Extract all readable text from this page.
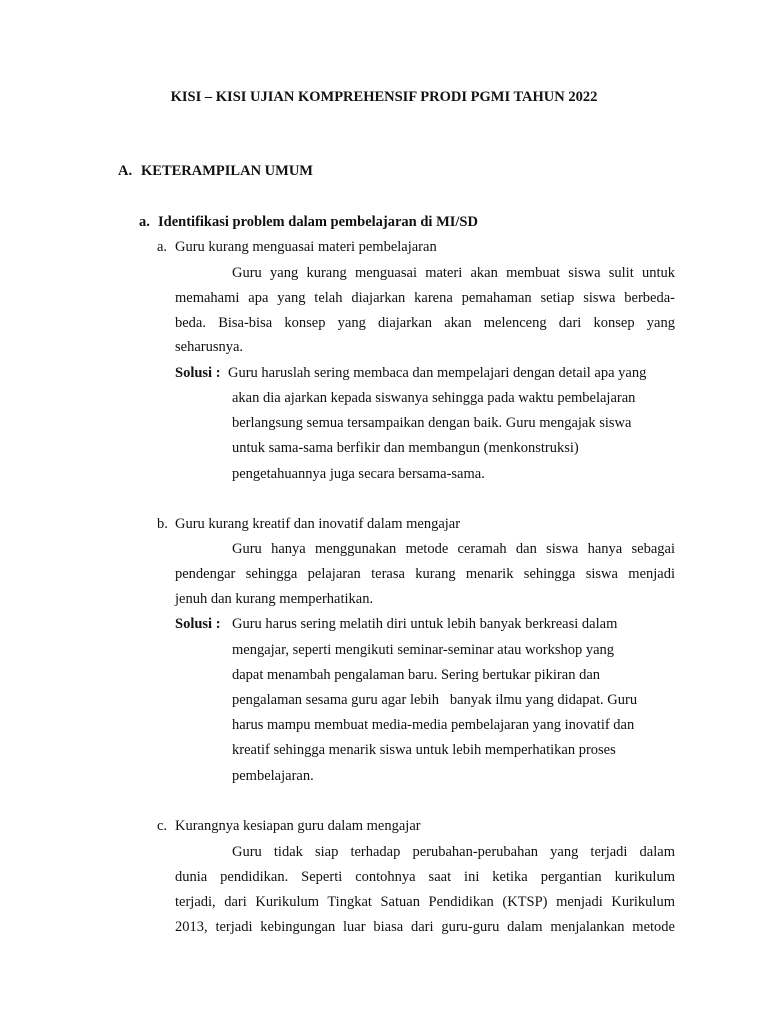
KISI – KISI UJIAN KOMPREHENSIF PRODI PGMI TAHUN 2022
A. KETERAMPILAN UMUM
a. Identifikasi problem dalam pembelajaran di MI/SD
a. Guru kurang menguasai materi pembelajaran
Guru yang kurang menguasai materi akan membuat siswa sulit untuk
memahami apa yang telah diajarkan karena pemahaman setiap siswa berbeda-
beda. Bisa-bisa konsep yang diajarkan akan melenceng dari konsep yang
seharusnya.
Solusi : Guru haruslah sering membaca dan mempelajari dengan detail apa yang
akan dia ajarkan kepada siswanya sehingga pada waktu pembelajaran
berlangsung semua tersampaikan dengan baik. Guru mengajak siswa
untuk sama-sama berfikir dan membangun (menkonstruksi)
pengetahuannya juga secara bersama-sama.
b. Guru kurang kreatif dan inovatif dalam mengajar
Guru hanya menggunakan metode ceramah dan siswa hanya sebagai
pendengar sehingga pelajaran terasa kurang menarik sehingga siswa menjadi
jenuh dan kurang memperhatikan.
Solusi : Guru harus sering melatih diri untuk lebih banyak berkreasi dalam
mengajar, seperti mengikuti seminar-seminar atau workshop yang
dapat menambah pengalaman baru. Sering bertukar pikiran dan
pengalaman sesama guru agar lebih   banyak ilmu yang didapat. Guru
harus mampu membuat media-media pembelajaran yang inovatif dan
kreatif sehingga menarik siswa untuk lebih memperhatikan proses
pembelajaran.
c. Kurangnya kesiapan guru dalam mengajar
Guru tidak siap terhadap perubahan-perubahan yang terjadi dalam
dunia pendidikan. Seperti contohnya saat ini ketika pergantian kurikulum
terjadi, dari Kurikulum Tingkat Satuan Pendidikan (KTSP) menjadi Kurikulum
2013, terjadi kebingungan luar biasa dari guru-guru dalam menjalankan metode
